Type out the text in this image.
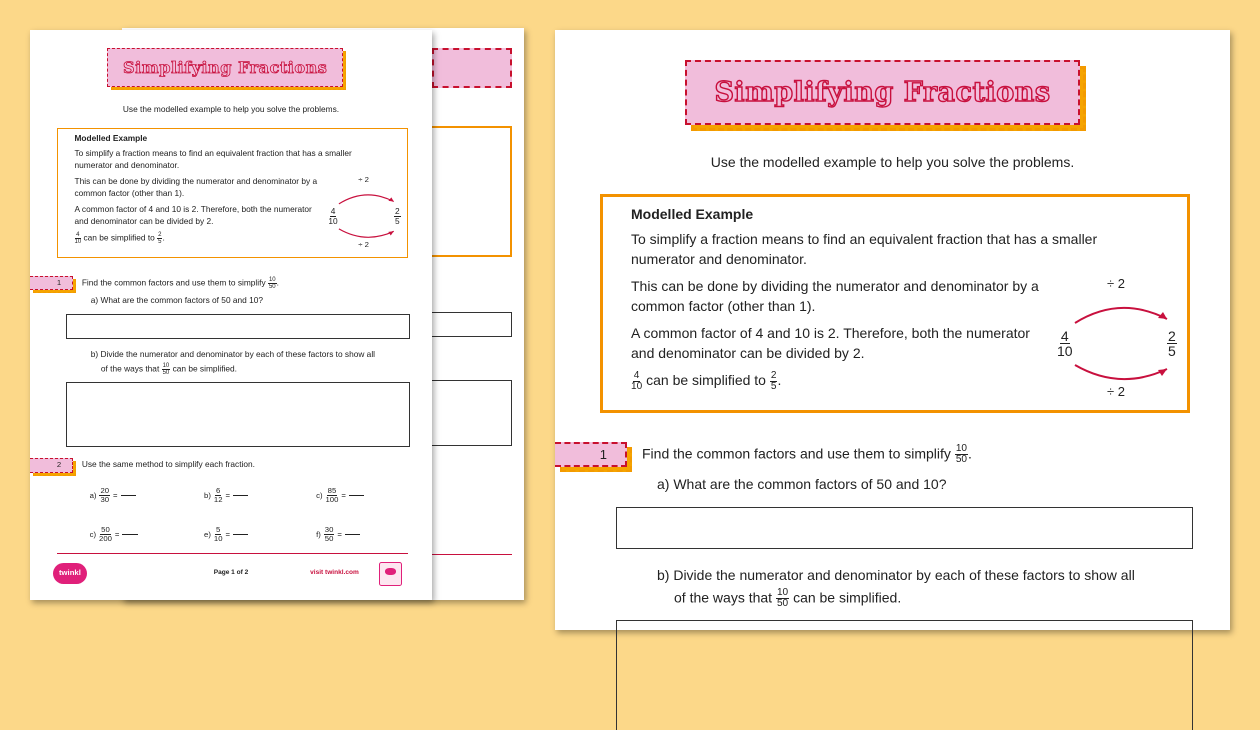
Simplifying Fractions
Use the modelled example to help you solve the problems.

Modelled Example

To simplify a fraction means to find an equivalent fraction that has a smaller numerator and denominator.

This can be done by dividing the numerator and denominator by a common factor (other than 1).

A common factor of 4 and 10 is 2. Therefore, both the numerator and denominator can be divided by 2.

$\frac{4}{10}$ can be simplified to $\frac{2}{5}$ .

÷ 2
÷ 2
$\frac{4}{10}$	$\frac{2}{5}$
1	Find the common factors and use them to simplify $\frac{10}{50}$ .
a) What are the common factors of 50 and 10?
b) Divide the numerator and denominator by each of these factors to show all
of the ways that $\frac{10}{50}$ can be simplified.
2	Use the same method to simplify each fraction.
$a) \frac{20}{30}$ =	$b) \frac{6}{12}$ =	$c) \frac{85}{100}$ =
$c) \frac{50}{200}$ =	$e) \frac{5}{10}$ =	$f) \frac{30}{50}$ =
twinkl	Page 1 of 2	visit twinkl.com
Simplifying Fractions
Use the modelled example to help you solve the problems.

Modelled Example

To simplify a fraction means to find an equivalent fraction that has a smaller numerator and denominator.

This can be done by dividing the numerator and denominator by a common factor (other than 1).

A common factor of 4 and 10 is 2. Therefore, both the numerator and denominator can be divided by 2.

$\frac{4}{10}$ can be simplified to $\frac{2}{5}$ .

÷ 2
÷ 2
$\frac{4}{10}$	$\frac{2}{5}$
1	Find the common factors and use them to simplify $\frac{10}{50}$ .
a) What are the common factors of 50 and 10?
b) Divide the numerator and denominator by each of these factors to show all
of the ways that $\frac{10}{50}$ can be simplified.
